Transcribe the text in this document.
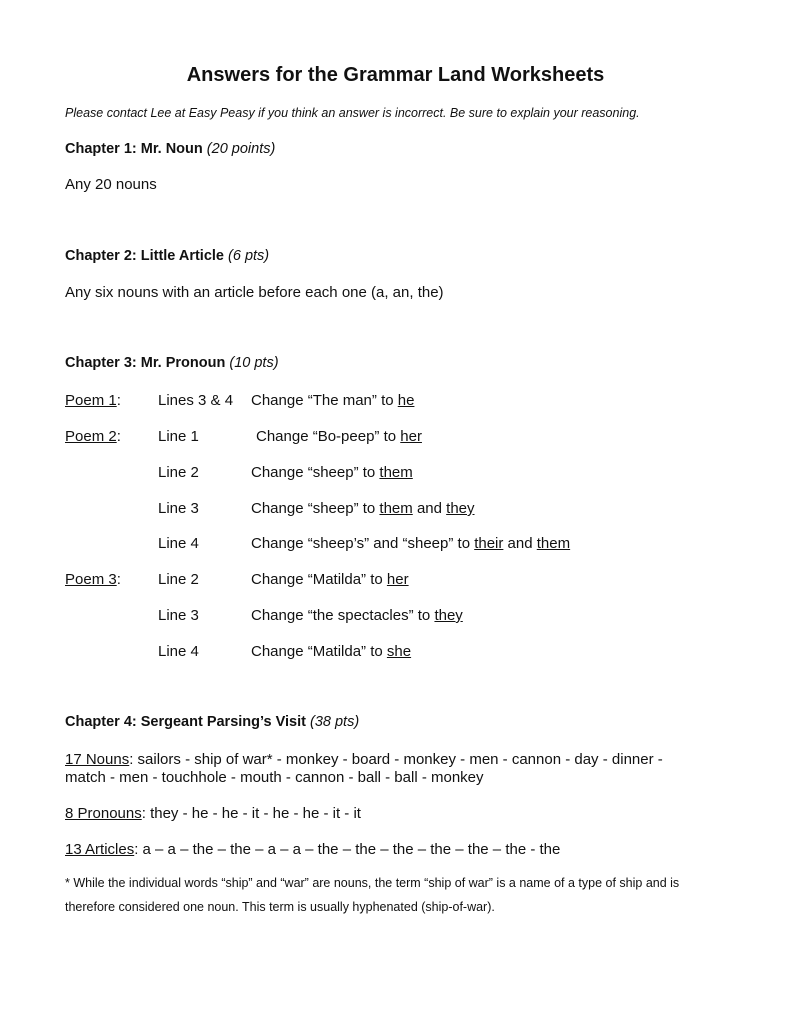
Answers for the Grammar Land Worksheets
Please contact Lee at Easy Peasy if you think an answer is incorrect. Be sure to explain your reasoning.
Chapter 1: Mr. Noun (20 points)
Any 20 nouns
Chapter 2: Little Article (6 pts)
Any six nouns with an article before each one (a, an, the)
Chapter 3: Mr. Pronoun (10 pts)
Poem 1: Lines 3 & 4 Change “The man” to he
Poem 2: Line 1	Change “Bo-peep” to her
Line 2	Change “sheep” to them
Line 3	Change “sheep” to them and they
Line 4	Change “sheep’s” and “sheep” to their and them
Poem 3: Line 2	Change “Matilda” to her
Line 3	Change “the spectacles” to they
Line 4	Change “Matilda” to she
Chapter 4: Sergeant Parsing’s Visit (38 pts)
17 Nouns: sailors - ship of war* - monkey - board - monkey - men - cannon - day - dinner -
match - men - touchhole - mouth - cannon - ball - ball - monkey
8 Pronouns: they - he - he - it - he - he - it - it
13 Articles: a – a – the – the – a – a – the – the – the – the – the – the - the
* While the individual words “ship” and “war” are nouns, the term “ship of war” is a name of a type of ship and is
therefore considered one noun. This term is usually hyphenated (ship-of-war).
